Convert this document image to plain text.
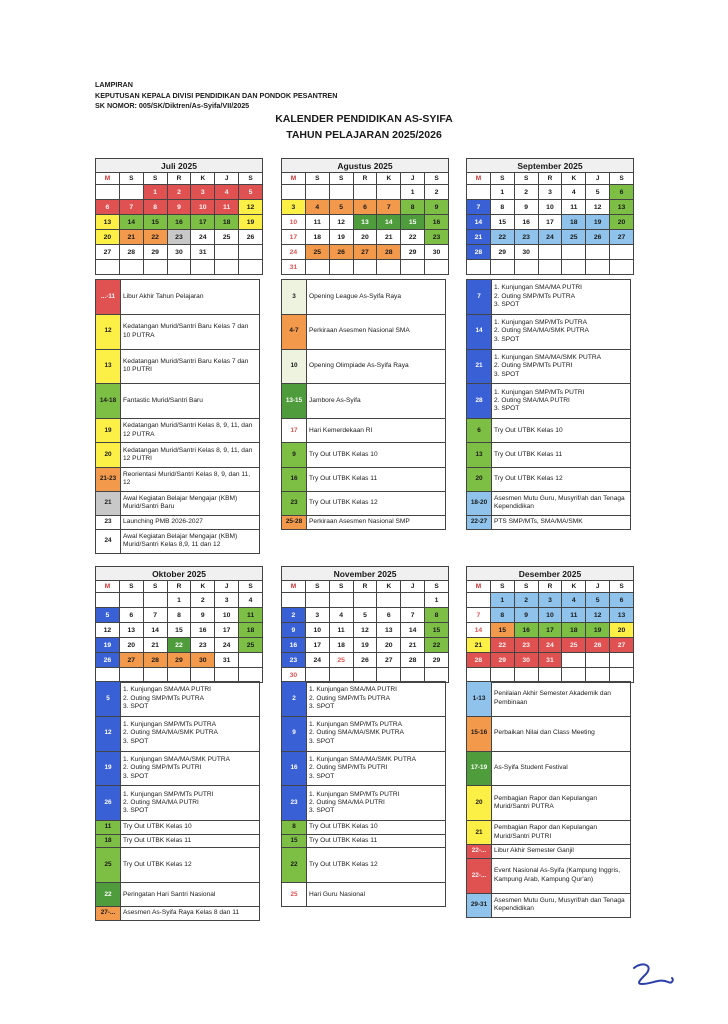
LAMPIRAN
KEPUTUSAN KEPALA DIVISI PENDIDIKAN DAN PONDOK PESANTREN
SK NOMOR: 005/SK/Diktren/As-Syifa/VII/2025
KALENDER PENDIDIKAN AS-SYIFA
TAHUN PELAJARAN 2025/2026
Juli 2025						
M	S	S	R	K	J	S
		1	2	3	4	5
6	7	8	9	10	11	12
13	14	15	16	17	18	19
20	21	22	23	24	25	26
27	28	29	30	31		

Agustus 2025						
M	S	S	R	K	J	S
					1	2
3	4	5	6	7	8	9
10	11	12	13	14	15	16
17	18	19	20	21	22	23
24	25	26	27	28	29	30
31						
September 2025						
M	S	S	R	K	J	S
	1	2	3	4	5	6
7	8	9	10	11	12	13
14	15	16	17	18	19	20
21	22	23	24	25	26	27
28	29	30				

Oktober 2025						
M	S	S	R	K	J	S
			1	2	3	4
5	6	7	8	9	10	11
12	13	14	15	16	17	18
19	20	21	22	23	24	25
26	27	28	29	30	31	

November 2025						
M	S	S	R	K	J	S
						1
2	3	4	5	6	7	8
9	10	11	12	13	14	15
16	17	18	19	20	21	22
23	24	25	26	27	28	29
30						
Desember 2025						
M	S	S	R	K	J	S
	1	2	3	4	5	6
7	8	9	10	11	12	13
14	15	16	17	18	19	20
21	22	23	24	25	26	27
28	29	30	31			

...-11	Libur Akhir Tahun Pelajaran
12	Kedatangan Murid/Santri Baru Kelas 7 dan 10 PUTRA
13	Kedatangan Murid/Santri Baru Kelas 7 dan 10 PUTRI
14-18	Fantastic Murid/Santri Baru
19	Kedatangan Murid/Santri Kelas 8, 9, 11, dan 12 PUTRA
20	Kedatangan Murid/Santri Kelas 8, 9, 11, dan 12 PUTRI
21-23	Reorientasi Murid/Santri Kelas 8, 9, dan 11, 12
21	Awal Kegiatan Belajar Mengajar (KBM) Murid/Santri Baru
23	Launching PMB 2026-2027
24	Awal Kegiatan Belajar Mengajar (KBM) Murid/Santri Kelas 8,9, 11 dan 12
3	Opening League As-Syifa Raya
4-7	Perkiraan Asesmen Nasional SMA
10	Opening Olimpiade As-Syifa Raya
13-15	Jambore As-Syifa
17	Hari Kemerdekaan RI
9	Try Out UTBK Kelas 10
16	Try Out UTBK Kelas 11
23	Try Out UTBK Kelas 12
25-28	Perkiraan Asesmen Nasional SMP
7	1. Kunjungan SMA/MA PUTRI
2. Outing SMP/MTs PUTRA
3. SPOT
14	1. Kunjungan SMP/MTs PUTRA
2. Outing SMA/MA/SMK PUTRA
3. SPOT
21	1. Kunjungan SMA/MA/SMK PUTRA
2. Outing SMP/MTs PUTRI
3. SPOT
28	1. Kunjungan SMP/MTs PUTRI
2. Outing SMA/MA PUTRI
3. SPOT
6	Try Out UTBK Kelas 10
13	Try Out UTBK Kelas 11
20	Try Out UTBK Kelas 12
18-20	Asesmen Mutu Guru, Musyrif/ah dan Tenaga Kependidikan
22-27	PTS SMP/MTs, SMA/MA/SMK
5	1. Kunjungan SMA/MA PUTRI
2. Outing SMP/MTs PUTRA
3. SPOT
12	1. Kunjungan SMP/MTs PUTRA
2. Outing SMA/MA/SMK PUTRA
3. SPOT
19	1. Kunjungan SMA/MA/SMK PUTRA
2. Outing SMP/MTs PUTRI
3. SPOT
26	1. Kunjungan SMP/MTs PUTRI
2. Outing SMA/MA PUTRI
3. SPOT
11	Try Out UTBK Kelas 10
18	Try Out UTBK Kelas 11
25	Try Out UTBK Kelas 12
22	Peringatan Hari Santri Nasional
27-...	Asesmen As-Syifa Raya Kelas 8 dan 11
2	1. Kunjungan SMA/MA PUTRI
2. Outing SMP/MTs PUTRA
3. SPOT
9	1. Kunjungan SMP/MTs PUTRA
2. Outing SMA/MA/SMK PUTRA
3. SPOT
16	1. Kunjungan SMA/MA/SMK PUTRA
2. Outing SMP/MTs PUTRI
3. SPOT
23	1. Kunjungan SMP/MTs PUTRI
2. Outing SMA/MA PUTRI
3. SPOT
8	Try Out UTBK Kelas 10
15	Try Out UTBK Kelas 11
22	Try Out UTBK Kelas 12
25	Hari Guru Nasional
1-13	Penilaian Akhir Semester Akademik dan Pembinaan
15-16	Perbaikan Nilai dan Class Meeting
17-19	As-Syifa Student Festival
20	Pembagian Rapor dan Kepulangan Murid/Santri PUTRA
21	Pembagian Rapor dan Kepulangan Murid/Santri PUTRI
22-...	Libur Akhir Semester Ganjil
22-...	Event Nasional As-Syifa (Kampung Inggris, Kampung Arab, Kampung Qur'an)
29-31	Asesmen Mutu Guru, Musyrif/ah dan Tenaga Kependidikan
